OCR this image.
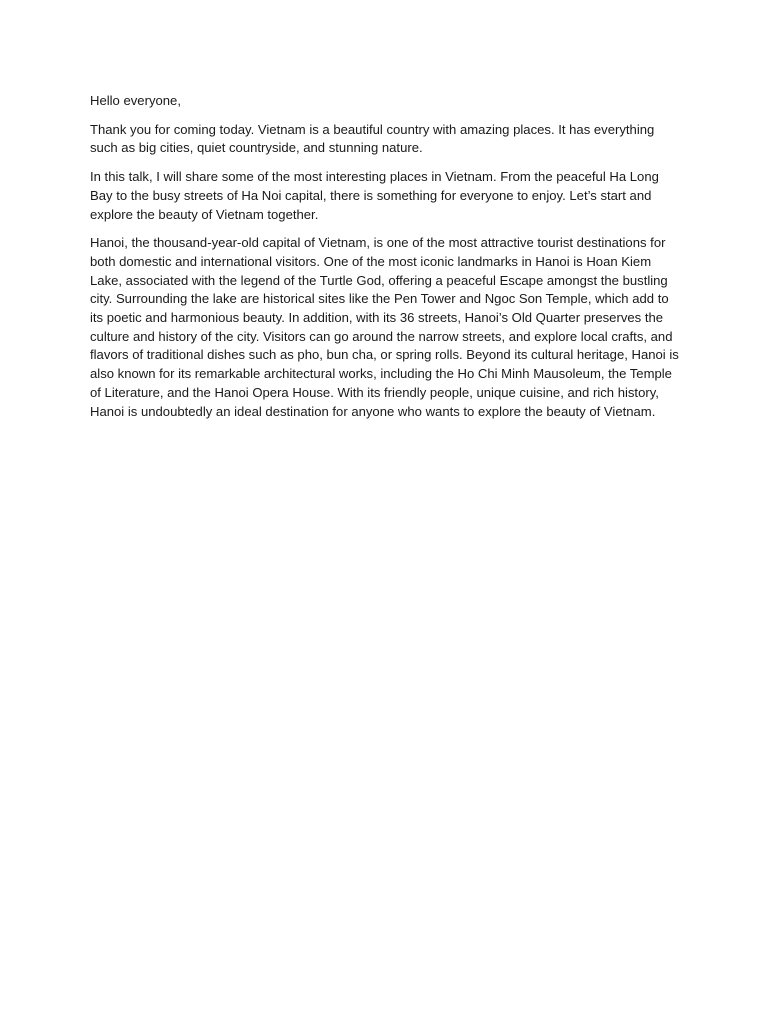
Hello everyone,

Thank you for coming today. Vietnam is a beautiful country with amazing places. It has everything such as big cities, quiet countryside, and stunning nature.

In this talk, I will share some of the most interesting places in Vietnam. From the peaceful Ha Long Bay to the busy streets of Ha Noi capital, there is something for everyone to enjoy. Let’s start and explore the beauty of Vietnam together.

Hanoi, the thousand-year-old capital of Vietnam, is one of the most attractive tourist destinations for both domestic and international visitors. One of the most iconic landmarks in Hanoi is Hoan Kiem Lake, associated with the legend of the Turtle God, offering a peaceful Escape amongst the bustling city. Surrounding the lake are historical sites like the Pen Tower and Ngoc Son Temple, which add to its poetic and harmonious beauty. In addition, with its 36 streets, Hanoi’s Old Quarter preserves the culture and history of the city. Visitors can go around the narrow streets, and explore local crafts, and flavors of traditional dishes such as pho, bun cha, or spring rolls. Beyond its cultural heritage, Hanoi is also known for its remarkable architectural works, including the Ho Chi Minh Mausoleum, the Temple of Literature, and the Hanoi Opera House. With its friendly people, unique cuisine, and rich history, Hanoi is undoubtedly an ideal destination for anyone who wants to explore the beauty of Vietnam.
